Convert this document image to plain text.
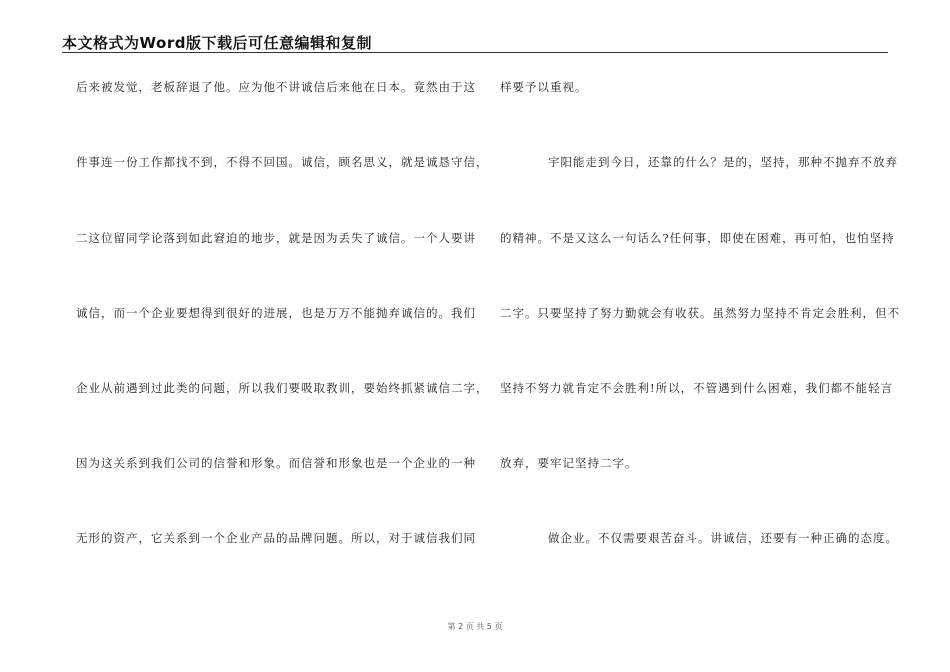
本文格式为Word版下载后可任意编辑和复制
后来被发觉，老板辞退了他。应为他不讲诚信后来他在日本。竟然由于这
件事连一份工作都找不到，不得不回国。诚信，顾名思义，就是诚恳守信，
二这位留同学论落到如此窘迫的地步，就是因为丢失了诚信。一个人要讲
诚信，而一个企业要想得到很好的进展，也是万万不能抛弃诚信的。我们
企业从前遇到过此类的问题，所以我们要吸取教训，要始终抓紧诚信二字，
因为这关系到我们公司的信誉和形象。而信誉和形象也是一个企业的一种
无形的资产，它关系到一个企业产品的品牌问题。所以，对于诚信我们同
样要予以重视。
宇阳能走到今日，还靠的什么？是的，坚持，那种不抛弃不放弃
的精神。不是又这么一句话么?任何事，即使在困难，再可怕，也怕坚持
二字。只要坚持了努力勤就会有收获。虽然努力坚持不肯定会胜利，但不
坚持不努力就肯定不会胜利!所以，不管遇到什么困难，我们都不能轻言
放弃，要牢记坚持二字。
做企业。不仅需要艰苦奋斗。讲诚信，还要有一种正确的态度。
第 2 页 共 5 页
